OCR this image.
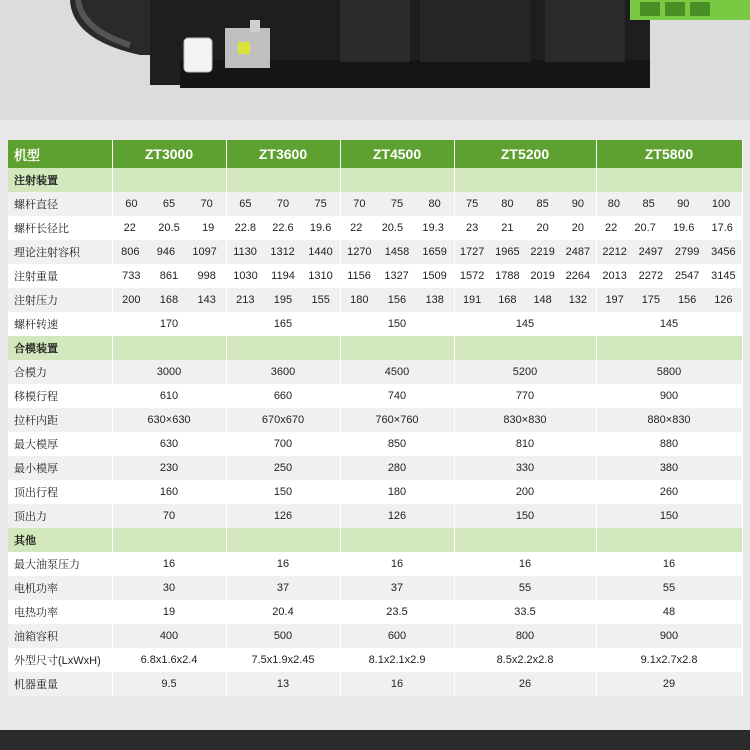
机型	ZT3000	ZT3600	ZT4500	ZT5200	ZT5800
注射装置					
螺杆直径	60 65 70	65 70 75	70 75 80	75 80 85 90	80 85 90 100

螺杆长径比	22 20.5 19	22.8 22.6 19.6	22 20.5 19.3	23 21 20 20	22 20.7 19.6 17.6

理论注射容积	806 946 1097	1130 1312 1440	1270 1458 1659	1727 1965 2219 2487	2212 2497 2799 3456

注射重量	733 861 998	1030 1194 1310	1156 1327 1509	1572 1788 2019 2264	2013 2272 2547 3145

注射压力	200 168 143	213 195 155	180 156 138	191 168 148 132	197 175 156 126

螺杆转速	170	165	150	145	145
合模装置					
合模力	3000	3600	4500	5200	5800
移模行程	610	660	740	770	900
拉杆内距	630×630	670x670	760×760	830×830	880×830
最大模厚	630	700	850	810	880
最小模厚	230	250	280	330	380
顶出行程	160	150	180	200	260
顶出力	70	126	126	150	150
其他					
最大油泵压力	16	16	16	16	16
电机功率	30	37	37	55	55
电热功率	19	20.4	23.5	33.5	48
油箱容积	400	500	600	800	900
外型尺寸(LxWxH)	6.8x1.6x2.4	7.5x1.9x2.45	8.1x2.1x2.9	8.5x2.2x2.8	9.1x2.7x2.8
机器重量	9.5	13	16	26	29
